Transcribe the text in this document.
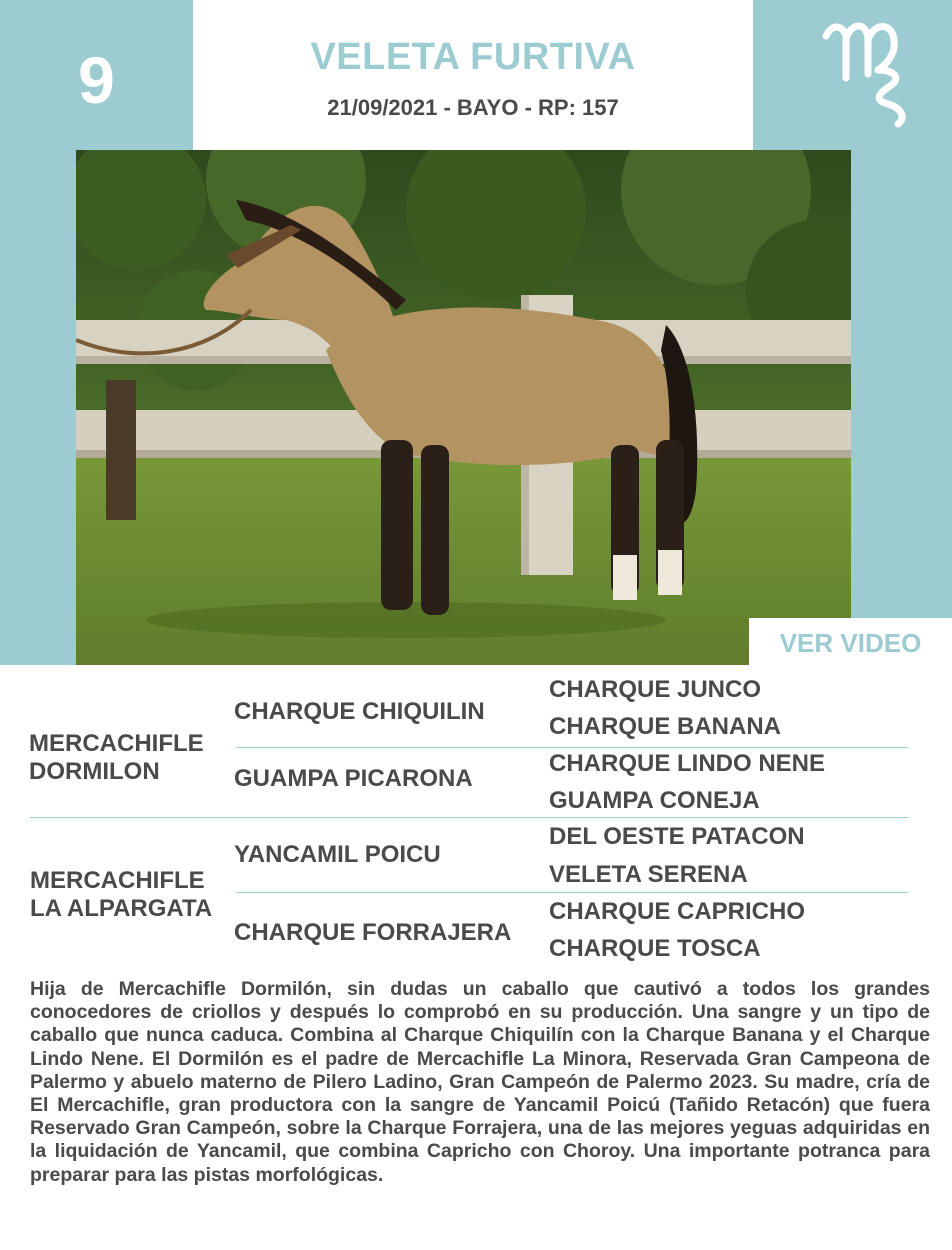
9	VELETA FURTIVA
21/09/2021 - BAYO - RP: 157
VER VIDEO
MERCACHIFLE
DORMILON
CHARQUE CHIQUILIN
GUAMPA PICARONA
CHARQUE JUNCO
CHARQUE BANANA
CHARQUE LINDO NENE
GUAMPA CONEJA
MERCACHIFLE
LA ALPARGATA
YANCAMIL POICU
CHARQUE FORRAJERA
DEL OESTE PATACON
VELETA SERENA
CHARQUE CAPRICHO
CHARQUE TOSCA

Hija de Mercachifle Dormilón, sin dudas un caballo que cautivó a todos los grandes conocedores de criollos y después lo comprobó en su producción. Una sangre y un tipo de caballo que nunca caduca. Combina al Charque Chiquilín con la Charque Banana y el Charque Lindo Nene. El Dormilón es el padre de Mercachifle La Minora, Reservada Gran Campeona de Palermo y abuelo materno de Pilero Ladino, Gran Campeón de Palermo 2023. Su madre, cría de El Mercachifle, gran productora con la sangre de Yancamil Poicú (Tañido Retacón) que fuera Reservado Gran Campeón, sobre la Charque Forrajera, una de las mejores yeguas adquiridas en la liquidación de Yancamil, que combina Capricho con Choroy. Una importante potranca para preparar para las pistas morfológicas.
